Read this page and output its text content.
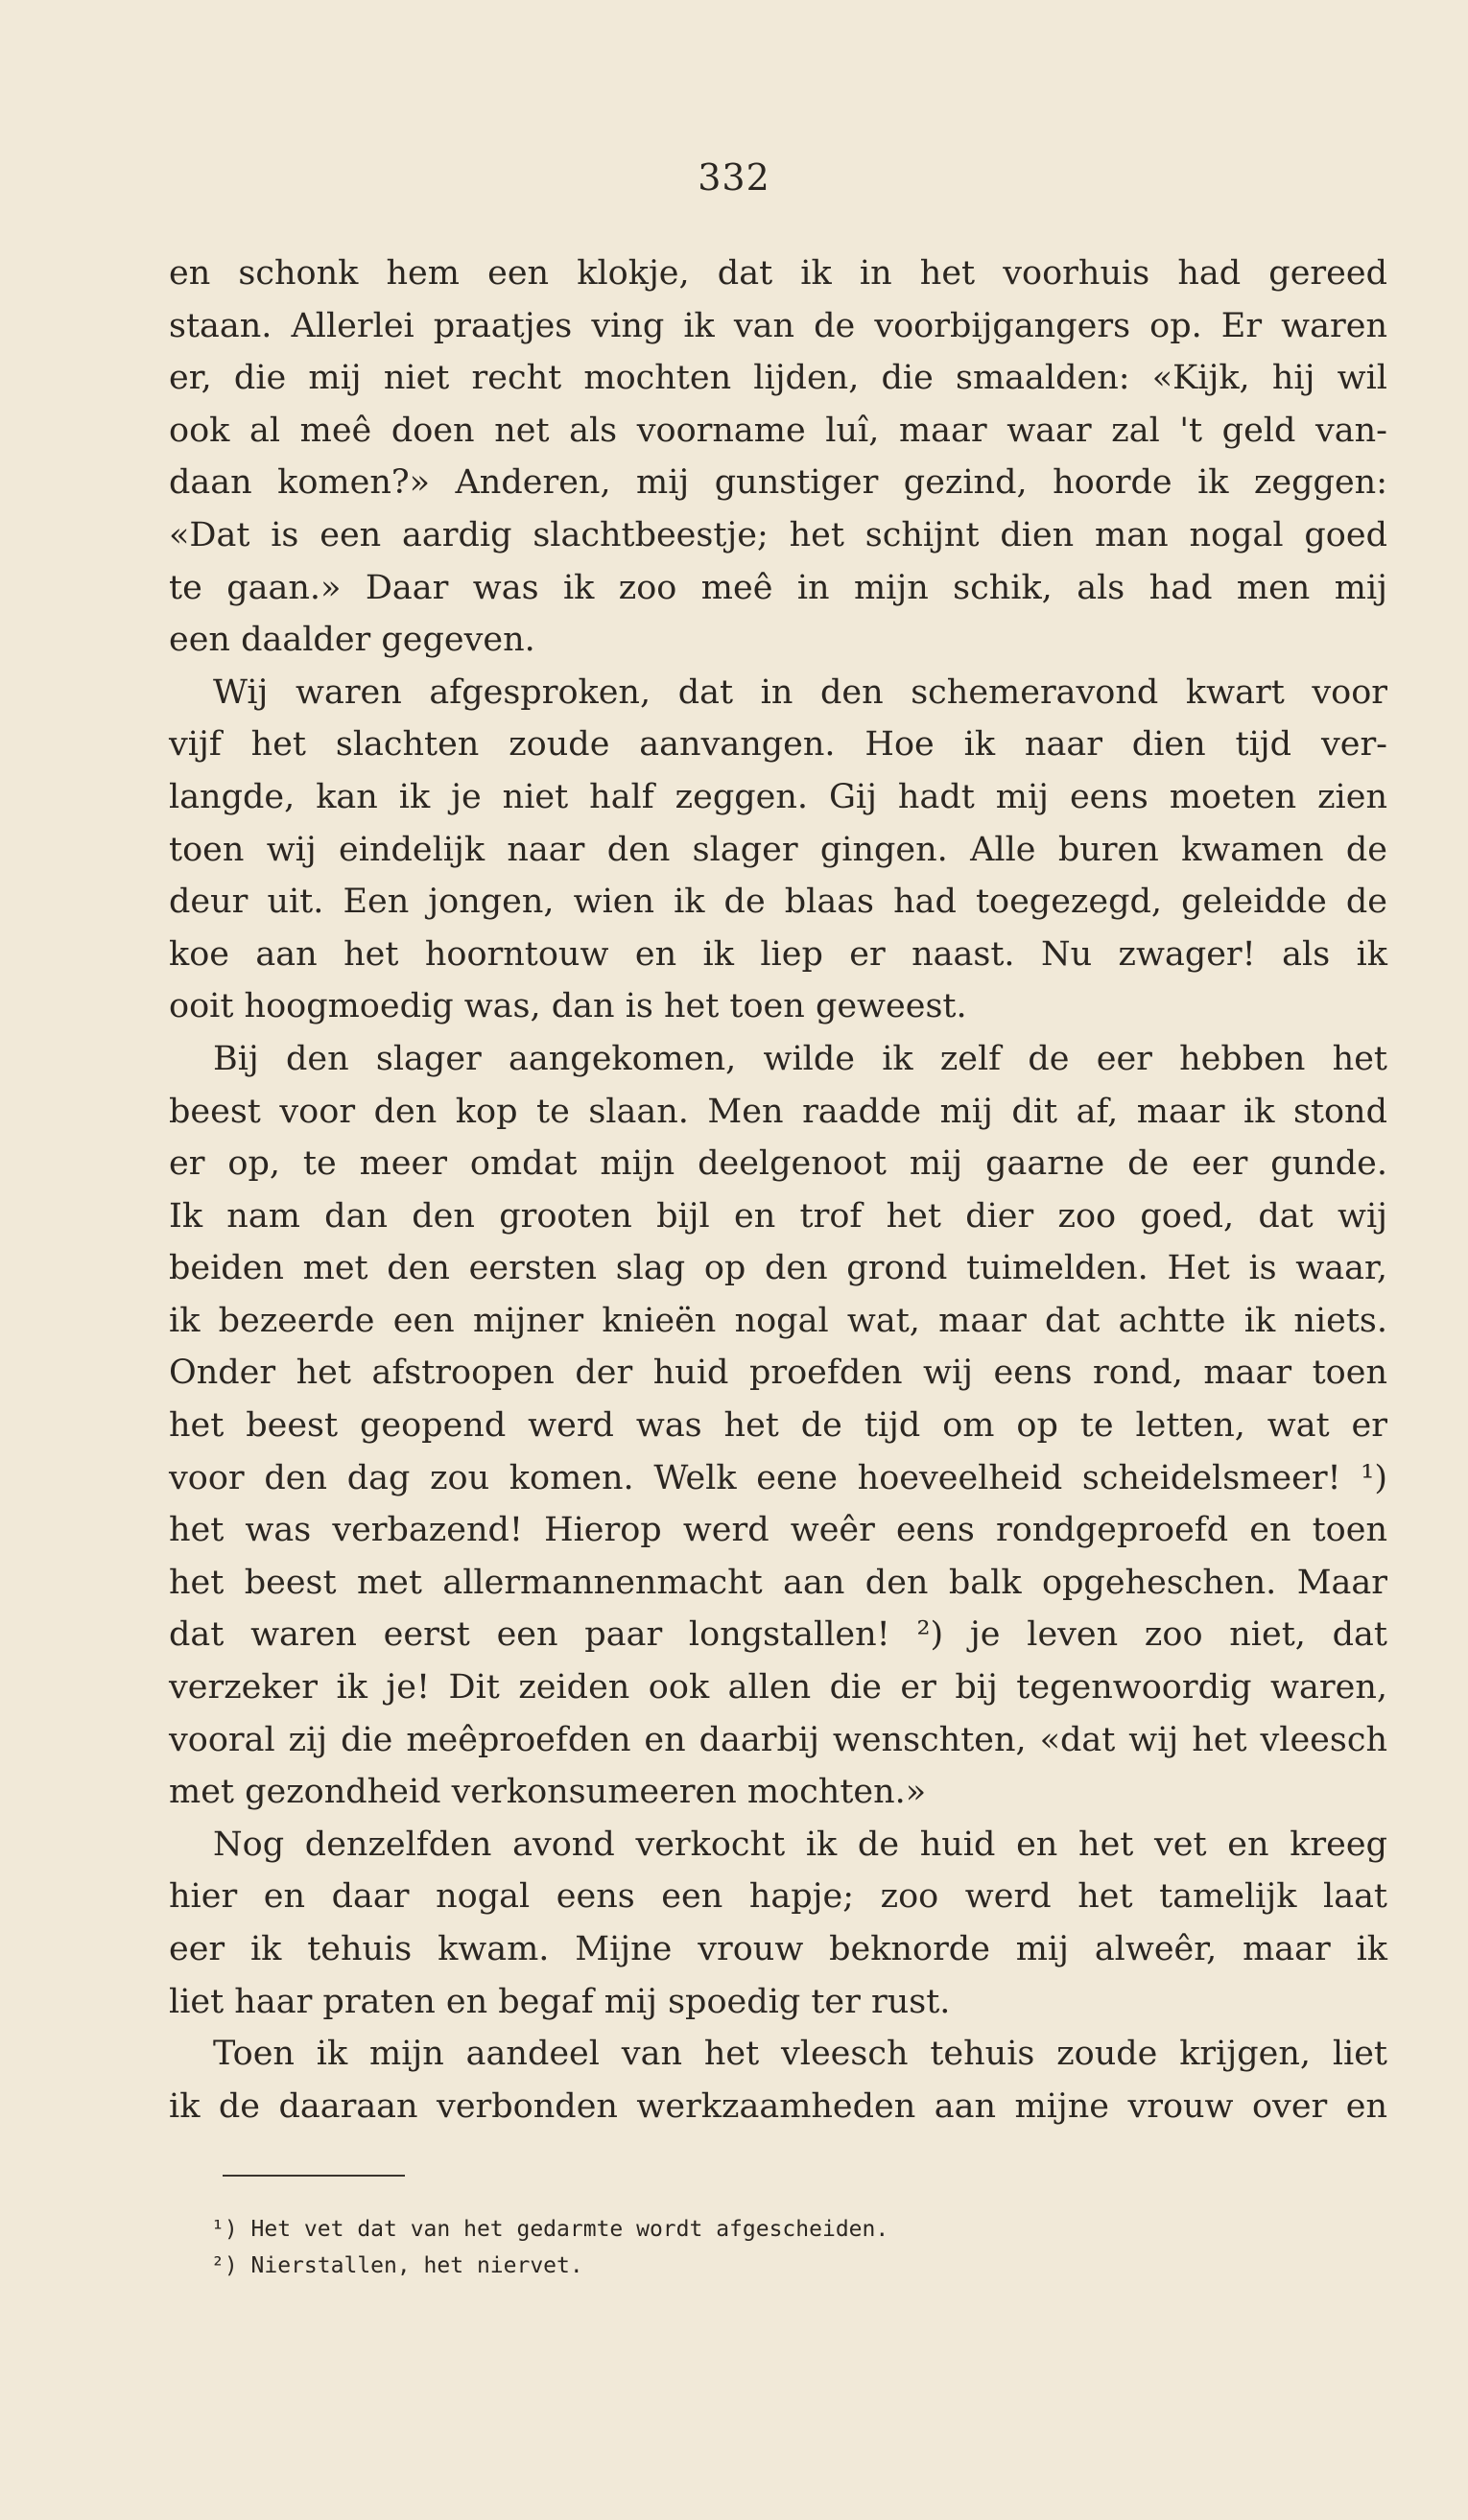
332
en schonk hem een klokje, dat ik in het voorhuis had gereed
staan. Allerlei praatjes ving ik van de voorbijgangers op. Er waren
er, die mij niet recht mochten lijden, die smaalden: «Kijk, hij wil
ook al meê doen net als voorname luî, maar waar zal 't geld van-
daan komen?» Anderen, mij gunstiger gezind, hoorde ik zeggen:
«Dat is een aardig slachtbeestje; het schijnt dien man nogal goed
te gaan.» Daar was ik zoo meê in mijn schik, als had men mij
een daalder gegeven.
Wij waren afgesproken, dat in den schemeravond kwart voor
vijf het slachten zoude aanvangen. Hoe ik naar dien tijd ver-
langde, kan ik je niet half zeggen. Gij hadt mij eens moeten zien
toen wij eindelijk naar den slager gingen. Alle buren kwamen de
deur uit. Een jongen, wien ik de blaas had toegezegd, geleidde de
koe aan het hoorntouw en ik liep er naast. Nu zwager! als ik
ooit hoogmoedig was, dan is het toen geweest.
Bij den slager aangekomen, wilde ik zelf de eer hebben het
beest voor den kop te slaan. Men raadde mij dit af, maar ik stond
er op, te meer omdat mijn deelgenoot mij gaarne de eer gunde.
Ik nam dan den grooten bijl en trof het dier zoo goed, dat wij
beiden met den eersten slag op den grond tuimelden. Het is waar,
ik bezeerde een mijner knieën nogal wat, maar dat achtte ik niets.
Onder het afstroopen der huid proefden wij eens rond, maar toen
het beest geopend werd was het de tijd om op te letten, wat er
voor den dag zou komen. Welk eene hoeveelheid scheidelsmeer! ¹)
het was verbazend! Hierop werd weêr eens rondgeproefd en toen
het beest met allermannenmacht aan den balk opgeheschen. Maar
dat waren eerst een paar longstallen! ²) je leven zoo niet, dat
verzeker ik je! Dit zeiden ook allen die er bij tegenwoordig waren,
vooral zij die meêproefden en daarbij wenschten, «dat wij het vleesch
met gezondheid verkonsumeeren mochten.»
Nog denzelfden avond verkocht ik de huid en het vet en kreeg
hier en daar nogal eens een hapje; zoo werd het tamelijk laat
eer ik tehuis kwam. Mijne vrouw beknorde mij alweêr, maar ik
liet haar praten en begaf mij spoedig ter rust.
Toen ik mijn aandeel van het vleesch tehuis zoude krijgen, liet
ik de daaraan verbonden werkzaamheden aan mijne vrouw over en
¹) Het vet dat van het gedarmte wordt afgescheiden.
²) Nierstallen, het niervet.
